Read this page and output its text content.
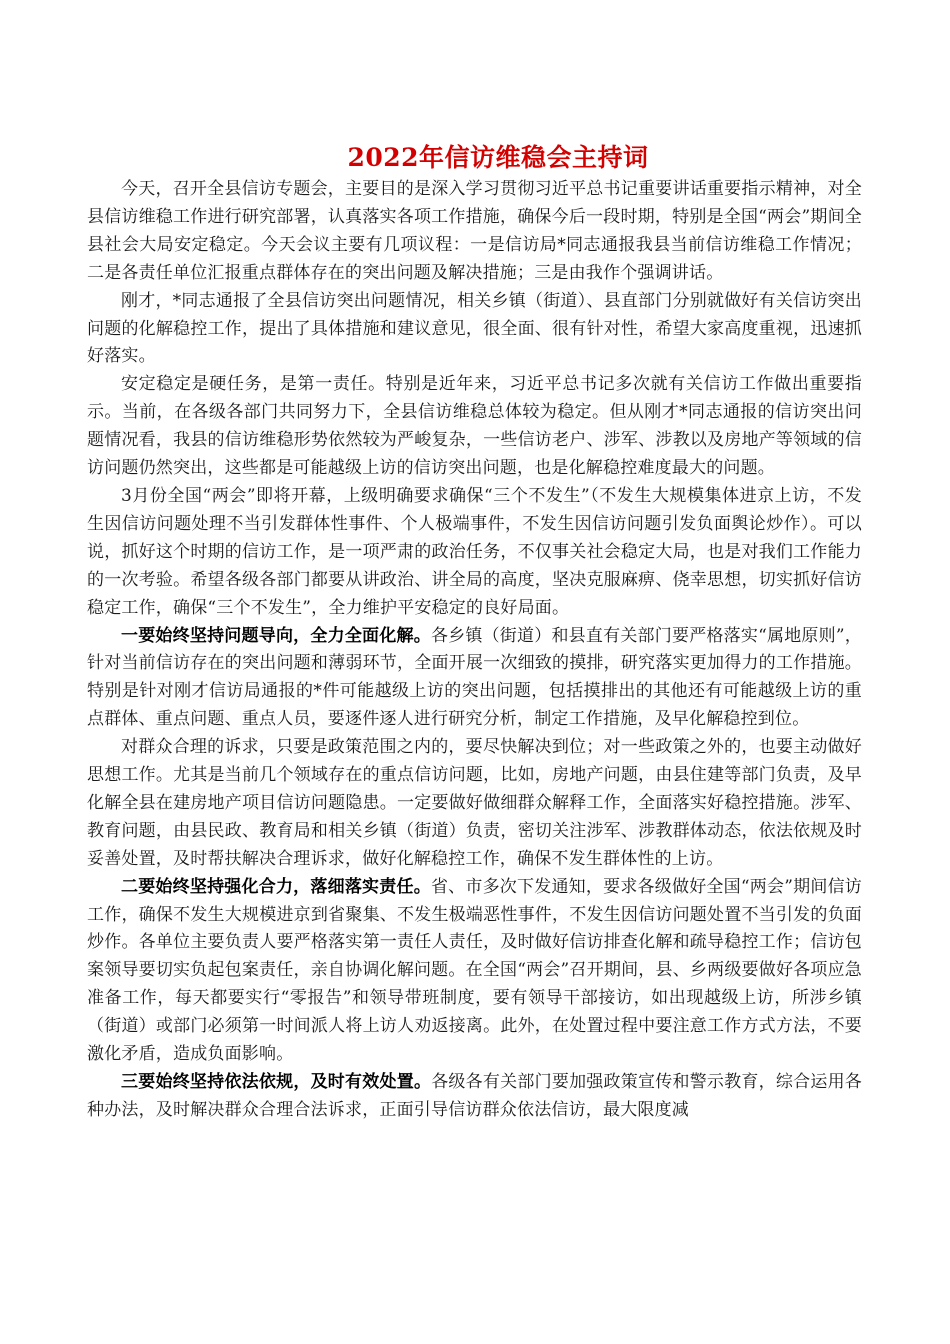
2022年信访维稳会主持词

今天，召开全县信访专题会，主要目的是深入学习贯彻习近平总书记重要讲话重要指示精神，对全县信访维稳工作进行研究部署，认真落实各项工作措施，确保今后一段时期，特别是全国“两会”期间全县社会大局安定稳定。今天会议主要有几项议程：一是信访局*同志通报我县当前信访维稳工作情况；二是各责任单位汇报重点群体存在的突出问题及解决措施；三是由我作个强调讲话。

刚才，*同志通报了全县信访突出问题情况，相关乡镇（街道）、县直部门分别就做好有关信访突出问题的化解稳控工作，提出了具体措施和建议意见，很全面、很有针对性，希望大家高度重视，迅速抓好落实。

安定稳定是硬任务，是第一责任。特别是近年来，习近平总书记多次就有关信访工作做出重要指示。当前，在各级各部门共同努力下，全县信访维稳总体较为稳定。但从刚才*同志通报的信访突出问题情况看，我县的信访维稳形势依然较为严峻复杂，一些信访老户、涉军、涉教以及房地产等领域的信访问题仍然突出，这些都是可能越级上访的信访突出问题，也是化解稳控难度最大的问题。

3月份全国“两会”即将开幕，上级明确要求确保“三个不发生”（不发生大规模集体进京上访，不发生因信访问题处理不当引发群体性事件、个人极端事件，不发生因信访问题引发负面舆论炒作）。可以说，抓好这个时期的信访工作，是一项严肃的政治任务，不仅事关社会稳定大局，也是对我们工作能力的一次考验。希望各级各部门都要从讲政治、讲全局的高度，坚决克服麻痹、侥幸思想，切实抓好信访稳定工作，确保“三个不发生”，全力维护平安稳定的良好局面。

一要始终坚持问题导向，全力全面化解。各乡镇（街道）和县直有关部门要严格落实“属地原则”，针对当前信访存在的突出问题和薄弱环节，全面开展一次细致的摸排，研究落实更加得力的工作措施。特别是针对刚才信访局通报的*件可能越级上访的突出问题，包括摸排出的其他还有可能越级上访的重点群体、重点问题、重点人员，要逐件逐人进行研究分析，制定工作措施，及早化解稳控到位。

对群众合理的诉求，只要是政策范围之内的，要尽快解决到位；对一些政策之外的，也要主动做好思想工作。尤其是当前几个领域存在的重点信访问题，比如，房地产问题，由县住建等部门负责，及早化解全县在建房地产项目信访问题隐患。一定要做好做细群众解释工作，全面落实好稳控措施。涉军、教育问题，由县民政、教育局和相关乡镇（街道）负责，密切关注涉军、涉教群体动态，依法依规及时妥善处置，及时帮扶解决合理诉求，做好化解稳控工作，确保不发生群体性的上访。

二要始终坚持强化合力，落细落实责任。省、市多次下发通知，要求各级做好全国“两会”期间信访工作，确保不发生大规模进京到省聚集、不发生极端恶性事件，不发生因信访问题处置不当引发的负面炒作。各单位主要负责人要严格落实第一责任人责任，及时做好信访排查化解和疏导稳控工作；信访包案领导要切实负起包案责任，亲自协调化解问题。在全国“两会”召开期间，县、乡两级要做好各项应急准备工作，每天都要实行“零报告”和领导带班制度，要有领导干部接访，如出现越级上访，所涉乡镇（街道）或部门必须第一时间派人将上访人劝返接离。此外，在处置过程中要注意工作方式方法，不要激化矛盾，造成负面影响。

三要始终坚持依法依规，及时有效处置。各级各有关部门要加强政策宣传和警示教育，综合运用各种办法，及时解决群众合理合法诉求，正面引导信访群众依法信访，最大限度减
